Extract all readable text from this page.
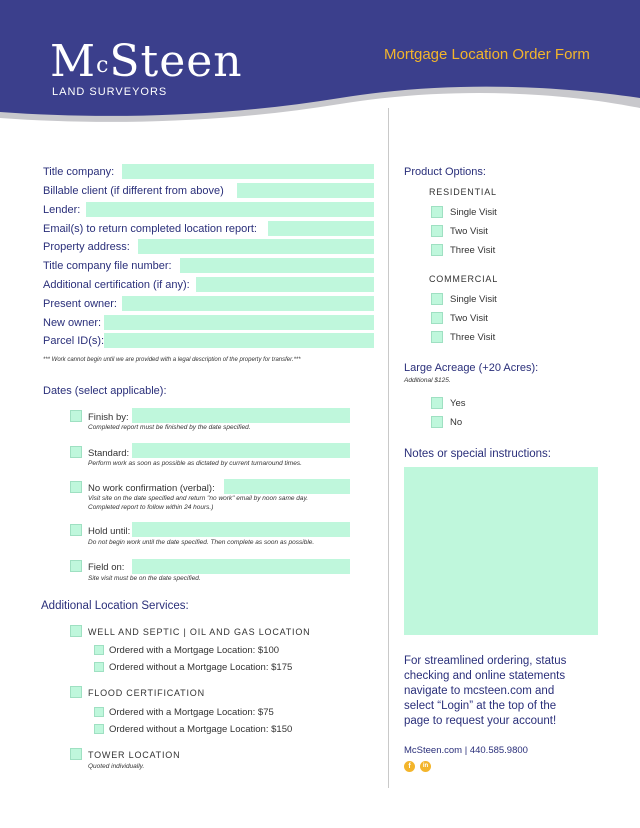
$M^cSteen$
LAND SURVEYORS
Mortgage Location Order Form
Title company:
Billable client (if different from above)
Lender:
Email(s) to return completed location report:
Property address:
Title company file number:
Additional certification (if any):
Present owner:
New owner:
Parcel ID(s):
*** Work cannot begin until we are provided with a legal description of the property for transfer.***
Dates (select applicable):
Finish by:
Completed report must be finished by the date specified.
Standard:
Perform work as soon as possible as dictated by current turnaround times.
No work confirmation (verbal):
Visit site on the date specified and return "no work" email by noon same day.
Completed report to follow within 24 hours.)
Hold until:
Do not begin work until the date specified. Then complete as soon as possible.
Field on:
Site visit must be on the date specified.
Additional Location Services:
WELL AND SEPTIC | OIL AND GAS LOCATION
Ordered with a Mortgage Location: $100
Ordered without a Mortgage Location: $175
FLOOD CERTIFICATION
Ordered with a Mortgage Location: $75
Ordered without a Mortgage Location: $150
TOWER LOCATION
Quoted individually.
Product Options:
RESIDENTIAL
Single Visit
Two Visit
Three Visit
COMMERCIAL
Single Visit
Two Visit
Three Visit
Large Acreage (+20 Acres):
Additional $125.
Yes
No
Notes or special instructions:
For streamlined ordering, status
checking and online statements
navigate to mcsteen.com and
select “Login” at the top of the
page to request your account!
McSteen.com | 440.585.9800
f	in
